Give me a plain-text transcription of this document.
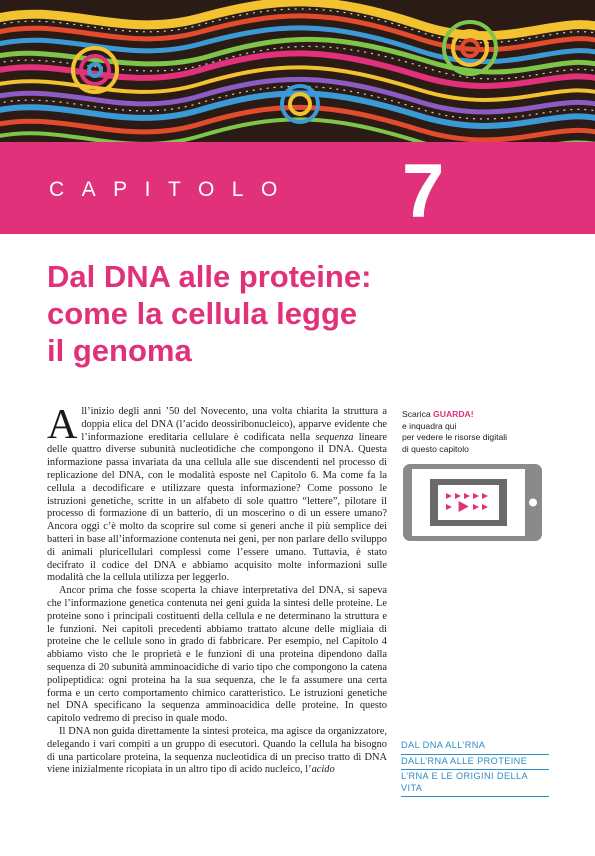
CAPITOLO 7
Dal DNA alle proteine:
come la cellula legge
il genoma

All’inizio degli anni ’50 del Novecento, una volta chiarita la struttura a doppia elica del DNA (l’acido deossiribonucleico), apparve evidente che l’informazione ereditaria cellulare è codificata nella sequenza lineare delle quattro diverse subunità nucleotidiche che compongono il DNA. Questa informazione passa invariata da una cellula alle sue discendenti nel processo di replicazione del DNA, con le modalità esposte nel Capitolo 6. Ma come fa la cellula a decodificare e utilizzare questa informazione? Come possono le istruzioni genetiche, scritte in un alfabeto di sole quattro “lettere”, pilotare il processo di formazione di un batterio, di un moscerino o di un essere umano? Ancora oggi c’è molto da scoprire sul come si generi anche il più semplice dei batteri in base all’informazione contenuta nei geni, per non parlare dello sviluppo di animali pluricellulari complessi come l’essere umano. Tuttavia, è stato decifrato il codice del DNA e abbiamo acquisito molte informazioni sulle modalità che la cellula utilizza per leggerlo.

Ancor prima che fosse scoperta la chiave interpretativa del DNA, si sapeva che l’informazione genetica contenuta nei geni guida la sintesi delle proteine. Le proteine sono i principali costituenti della cellula e ne determinano la struttura e le funzioni. Nei capitoli precedenti abbiamo trattato alcune delle migliaia di proteine che le cellule sono in grado di fabbricare. Per esempio, nel Capitolo 4 abbiamo visto che le proprietà e le funzioni di una proteina dipendono dalla sequenza di 20 subunità amminoacidiche di vario tipo che compongono la catena polipeptidica: ogni proteina ha la sua sequenza, che le fa assumere una certa forma e un certo comportamento chimico caratteristico. Le istruzioni genetiche nel DNA specificano la sequenza amminoacidica delle proteine. In questo capitolo vedremo di preciso in quale modo.

Il DNA non guida direttamente la sintesi proteica, ma agisce da organizzatore, delegando i vari compiti a un gruppo di esecutori. Quando la cellula ha bisogno di una particolare proteina, la sequenza nucleotidica di un preciso tratto di DNA viene inizialmente ricopiata in un altro tipo di acido nucleico, l’acido

Scarica GUARDA!

e inquadra qui

per vedere le risorse digitali

di questo capitolo

DAL DNA ALL’RNA
DALL’RNA ALLE PROTEINE
L’RNA E LE ORIGINI DELLA VITA
